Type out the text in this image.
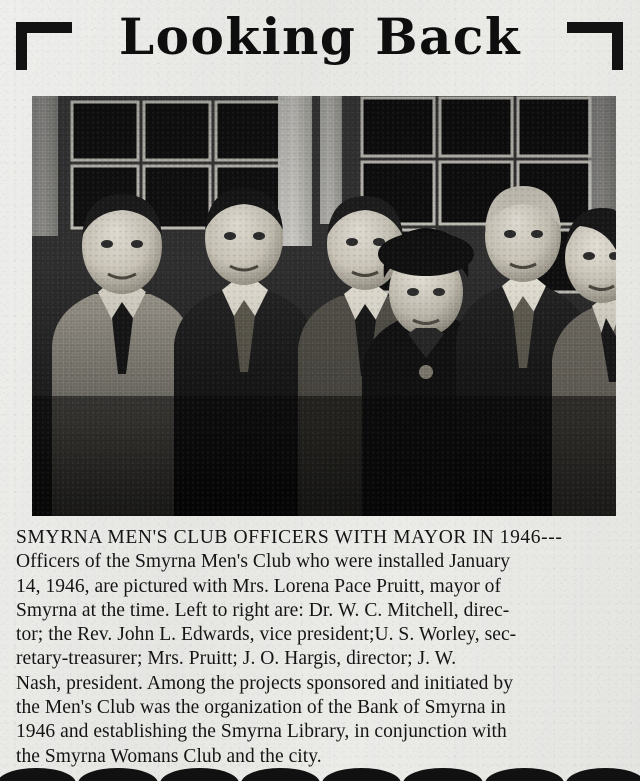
Looking Back
SMYRNA MEN'S CLUB OFFICERS WITH MAYOR IN 1946---
Officers of the Smyrna Men's Club who were installed January
14, 1946, are pictured with Mrs. Lorena Pace Pruitt, mayor of
Smyrna at the time. Left to right are: Dr. W. C. Mitchell, direc-
tor; the Rev. John L. Edwards, vice president;U. S. Worley, sec-
retary-treasurer; Mrs. Pruitt; J. O. Hargis, director; J. W.
Nash, president. Among the projects sponsored and initiated by
the Men's Club was the organization of the Bank of Smyrna in
1946 and establishing the Smyrna Library, in conjunction with
the Smyrna Womans Club and the city.
